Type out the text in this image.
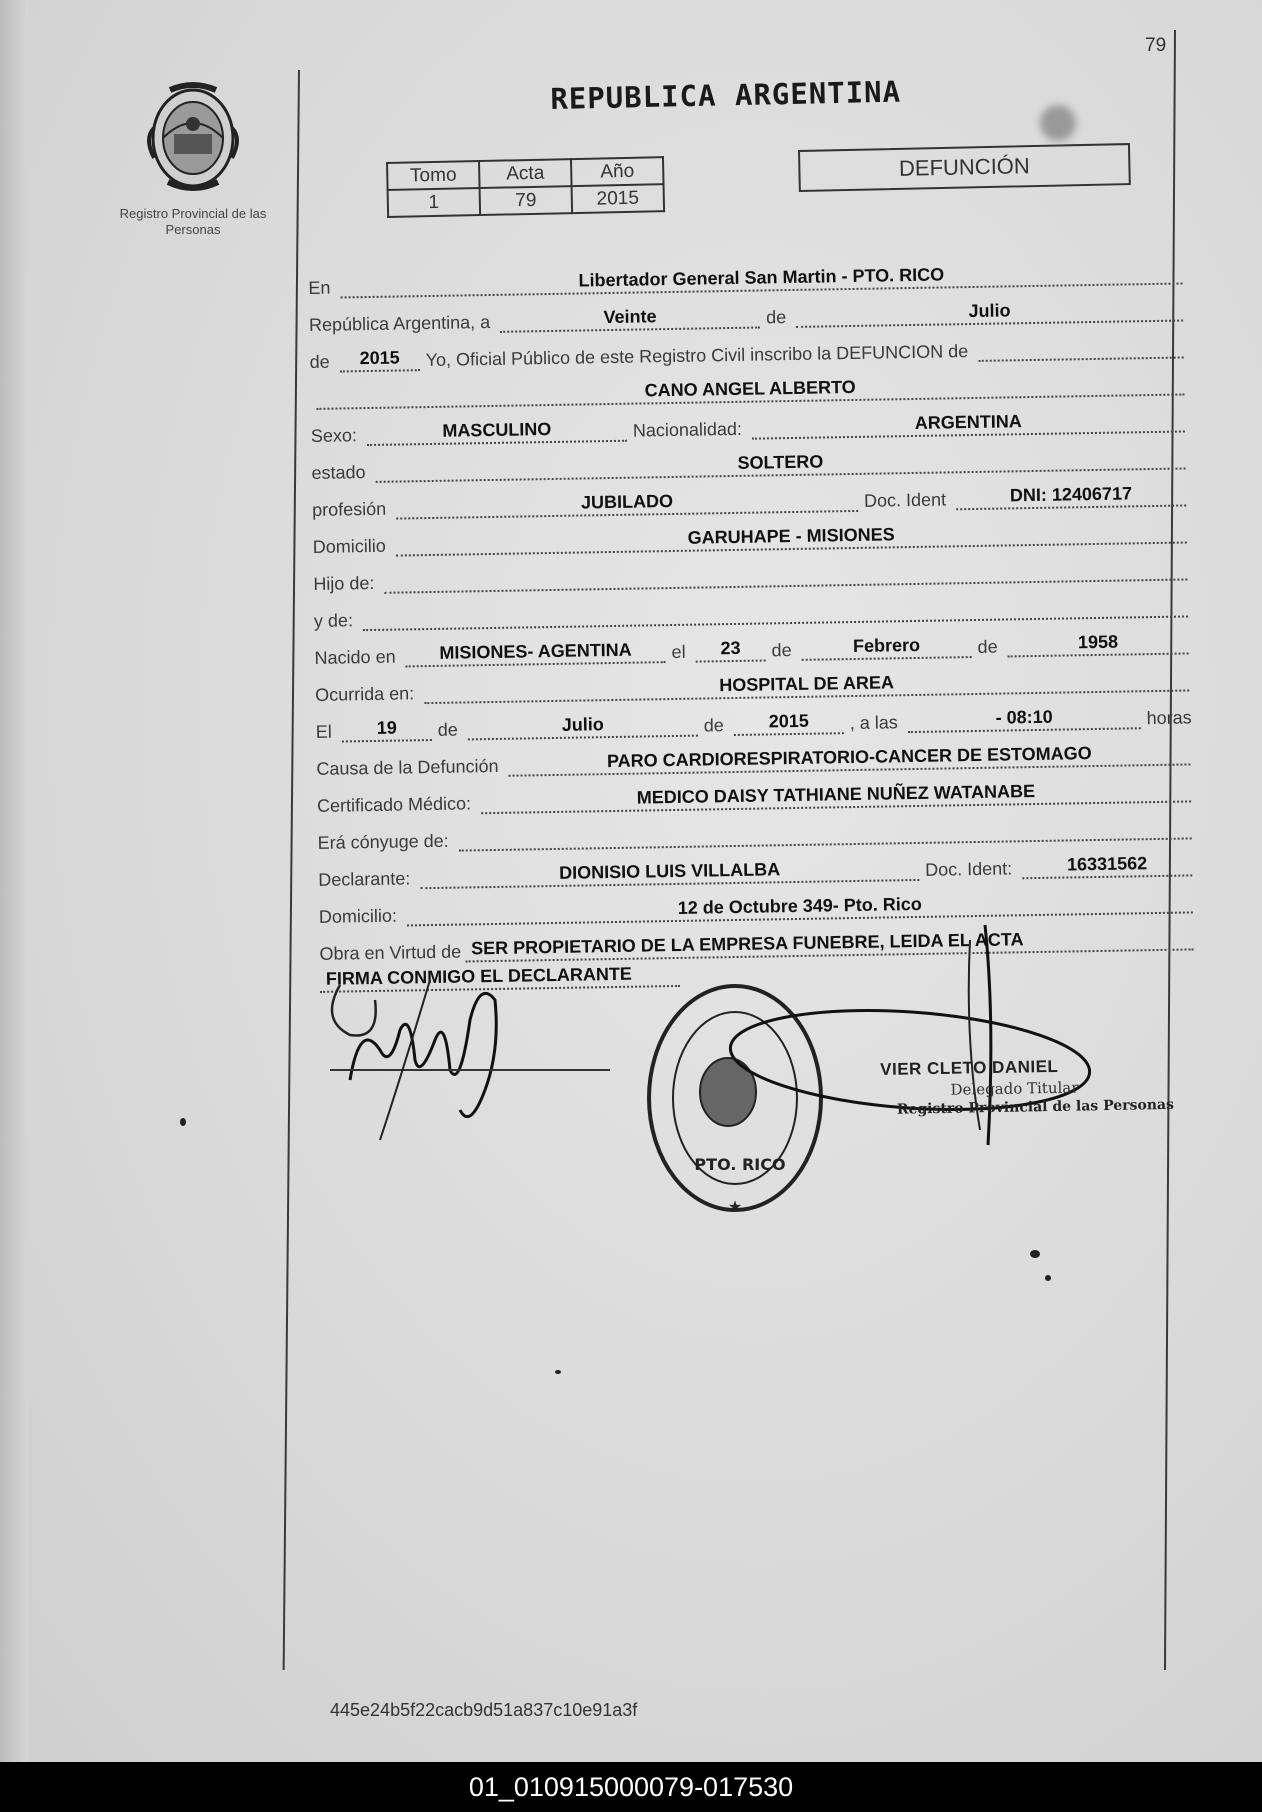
79
Registro Provincial de las Personas
REPUBLICA ARGENTINA
Tomo	Acta	Año
1	79	2015
DEFUNCIÓN
En	Libertador General San Martin - PTO. RICO
República Argentina, a	Veinte	de	Julio
de	2015	Yo, Oficial Público de este Registro Civil inscribo la DEFUNCION de
CANO ANGEL ALBERTO
Sexo:	MASCULINO	Nacionalidad:	ARGENTINA
estado	SOLTERO
profesión	JUBILADO	Doc. Ident	DNI: 12406717
Domicilio	GARUHAPE - MISIONES
Hijo de:
y de:
Nacido en	MISIONES- AGENTINA	el	23	de	Febrero	de	1958
Ocurrida en:	HOSPITAL DE AREA
El	19	de	Julio	de	2015	, a las	- 08:10	horas
Causa de la Defunción	PARO CARDIORESPIRATORIO-CANCER DE ESTOMAGO
Certificado Médico:	MEDICO DAISY TATHIANE NUÑEZ WATANABE
Erá cónyuge de:
Declarante:	DIONISIO LUIS VILLALBA	Doc. Ident:	16331562
Domicilio:	12 de Octubre 349- Pto. Rico
Obra en Virtud de SER PROPIETARIO DE LA EMPRESA FUNEBRE, LEIDA EL ACTA
FIRMA CONMIGO EL DECLARANTE
★
PTO. RICO
VIER CLETO DANIEL
Delegado Titular
Registro Provincial de las Personas
445e24b5f22cacb9d51a837c10e91a3f
01_010915000079-017530
